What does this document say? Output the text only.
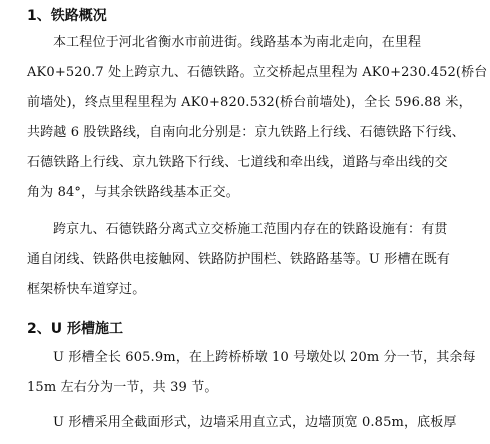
1、铁路概况
本工程位于河北省衡水市前进街。线路基本为南北走向，在里程
AK0+520.7 处上跨京九、石德铁路。立交桥起点里程为 AK0+230.452(桥台
前墙处)，终点里程里程为 AK0+820.532(桥台前墙处)，全长 596.88 米，
共跨越 6 股铁路线，自南向北分别是：京九铁路上行线、石德铁路下行线、
石德铁路上行线、京九铁路下行线、七道线和牵出线，道路与牵出线的交
角为 84°，与其余铁路线基本正交。
跨京九、石德铁路分离式立交桥施工范围内存在的铁路设施有：有贯
通自闭线、铁路供电接触网、铁路防护围栏、铁路路基等。U 形槽在既有
框架桥快车道穿过。
2、U 形槽施工
U 形槽全长 605.9m，在上跨桥桥墩 10 号墩处以 20m 分一节，其余每
15m 左右分为一节，共 39 节。
U 形槽采用全截面形式，边墙采用直立式，边墙顶宽 0.85m，底板厚
